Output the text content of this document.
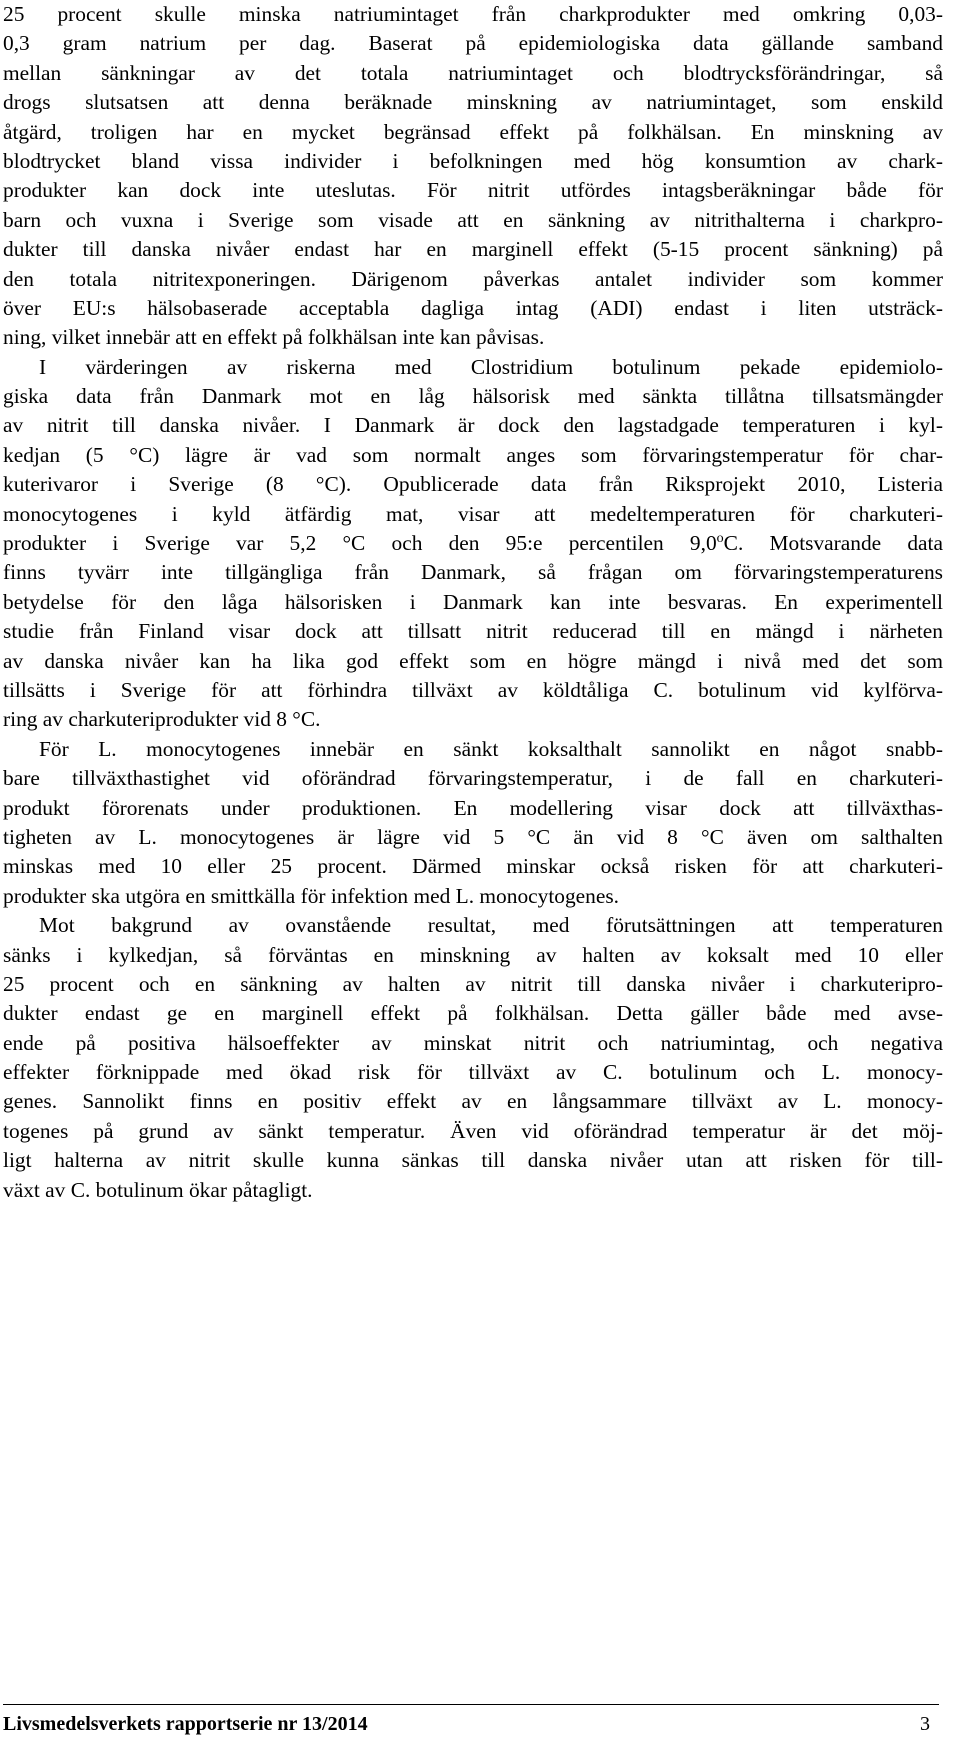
25 procent skulle minska natriumintaget från charkprodukter med omkring 0,03-
0,3 gram natrium per dag. Baserat på epidemiologiska data gällande samband
mellan sänkningar av det totala natriumintaget och blodtrycksförändringar, så
drogs slutsatsen att denna beräknade minskning av natriumintaget, som enskild
åtgärd, troligen har en mycket begränsad effekt på folkhälsan. En minskning av
blodtrycket bland vissa individer i befolkningen med hög konsumtion av chark-
produkter kan dock inte uteslutas. För nitrit utfördes intagsberäkningar både för
barn och vuxna i Sverige som visade att en sänkning av nitrithalterna i charkpro-
dukter till danska nivåer endast har en marginell effekt (5-15 procent sänkning) på
den totala nitritexponeringen. Därigenom påverkas antalet individer som kommer
över EU:s hälsobaserade acceptabla dagliga intag (ADI) endast i liten utsträck-
ning, vilket innebär att en effekt på folkhälsan inte kan påvisas.
I värderingen av riskerna med Clostridium botulinum pekade epidemiolo-
giska data från Danmark mot en låg hälsorisk med sänkta tillåtna tillsatsmängder
av nitrit till danska nivåer. I Danmark är dock den lagstadgade temperaturen i kyl-
kedjan (5 °C) lägre är vad som normalt anges som förvaringstemperatur för char-
kuterivaror i Sverige (8 °C). Opublicerade data från Riksprojekt 2010, Listeria
monocytogenes i kyld ätfärdig mat, visar att medeltemperaturen för charkuteri-
produkter i Sverige var 5,2 °C och den 95:e percentilen 9,0$^o$C. Motsvarande data
finns tyvärr inte tillgängliga från Danmark, så frågan om förvaringstemperaturens
betydelse för den låga hälsorisken i Danmark kan inte besvaras. En experimentell
studie från Finland visar dock att tillsatt nitrit reducerad till en mängd i närheten
av danska nivåer kan ha lika god effekt som en högre mängd i nivå med det som
tillsätts i Sverige för att förhindra tillväxt av köldtåliga C. botulinum vid kylförva-
ring av charkuteriprodukter vid 8 °C.
För L. monocytogenes innebär en sänkt koksalthalt sannolikt en något snabb-
bare tillväxthastighet vid oförändrad förvaringstemperatur, i de fall en charkuteri-
produkt förorenats under produktionen. En modellering visar dock att tillväxthas-
tigheten av L. monocytogenes är lägre vid 5 °C än vid 8 °C även om salthalten
minskas med 10 eller 25 procent. Därmed minskar också risken för att charkuteri-
produkter ska utgöra en smittkälla för infektion med L. monocytogenes.
Mot bakgrund av ovanstående resultat, med förutsättningen att temperaturen
sänks i kylkedjan, så förväntas en minskning av halten av koksalt med 10 eller
25 procent och en sänkning av halten av nitrit till danska nivåer i charkuteripro-
dukter endast ge en marginell effekt på folkhälsan. Detta gäller både med avse-
ende på positiva hälsoeffekter av minskat nitrit och natriumintag, och negativa
effekter förknippade med ökad risk för tillväxt av C. botulinum och L. monocy-
genes. Sannolikt finns en positiv effekt av en långsammare tillväxt av L. monocy-
togenes på grund av sänkt temperatur. Även vid oförändrad temperatur är det möj-
ligt halterna av nitrit skulle kunna sänkas till danska nivåer utan att risken för till-
växt av C. botulinum ökar påtagligt.
Livsmedelsverkets rapportserie nr 13/2014	3
